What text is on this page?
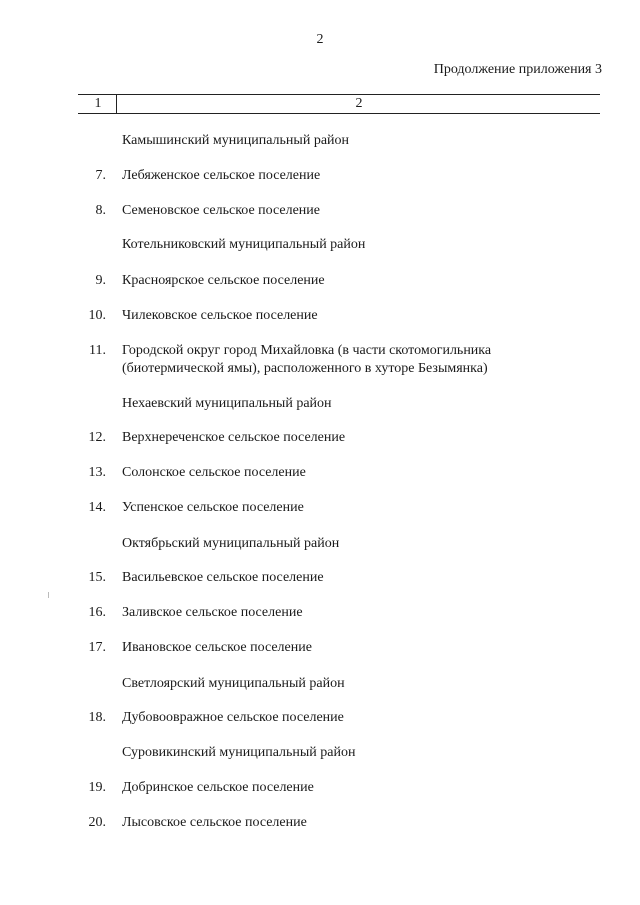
2
Продолжение приложения 3
1	2
Камышинский муниципальный район
7. Лебяженское сельское поселение
8. Семеновское сельское поселение
Котельниковский муниципальный район
9. Красноярское сельское поселение
10. Чилековское сельское поселение
11. Городской округ город Михайловка (в части скотомогильника
(биотермической ямы), расположенного в хуторе Безымянка)
Нехаевский муниципальный район
12. Верхнереченское сельское поселение
13. Солонское сельское поселение
14. Успенское сельское поселение
Октябрьский муниципальный район
15. Васильевское сельское поселение
16. Заливское сельское поселение
17. Ивановское сельское поселение
Светлоярский муниципальный район
18. Дубовоовражное сельское поселение
Суровикинский муниципальный район
19. Добринское сельское поселение
20. Лысовское сельское поселение
